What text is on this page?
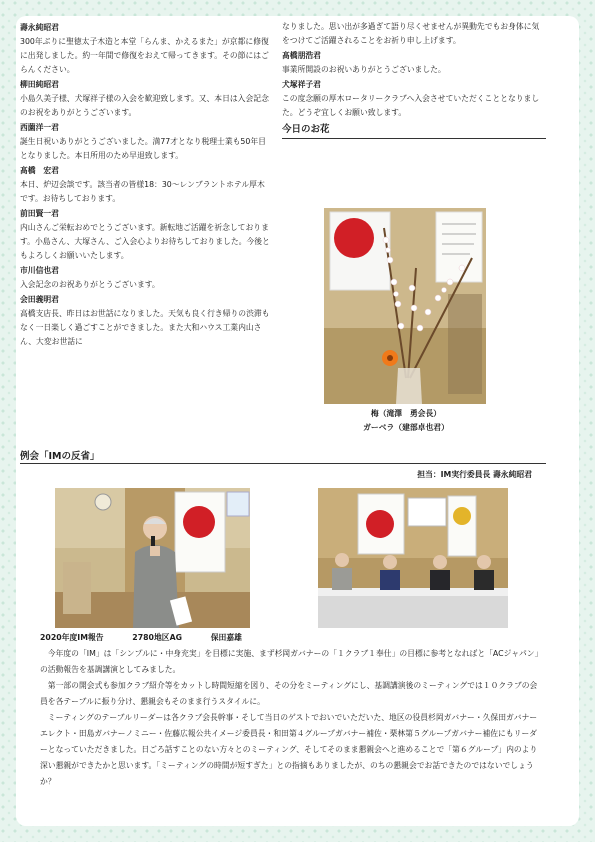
壽永純昭君
300年ぶりに聖徳太子木造と本堂「らんま、かえるまた」が京都に修復に出発しました。約一年間で修復をおえて帰ってきます。その節にはごらんください。
柳田純昭君
小島久美子様、犬塚祥子様の入会を歓迎致します。又、本日は入会記念のお祝をありがとうございます。
西薗洋一君
誕生日祝いありがとうございました。満77才となり税理士業も50年目となりました。本日所用のため早退致します。
髙橋　宏君
本日、炉辺会談です。該当者の皆様18：30〜レンブラントホテル厚木です。お待ちしております。
前田賢一君
内山さんご栄転おめでとうございます。新転地ご活躍を祈念しております。小島さん、大塚さん、ご入会心よりお待ちしておりました。今後ともよろしくお願いいたします。
市川信也君
入会記念のお祝ありがとうございます。
会田義明君
高橋支店長、昨日はお世話になりました。天気も良く行き帰りの渋滞もなく一日楽しく過ごすことができました。また大和ハウス工業内山さん、大変お世話に
なりました。思い出が多過ぎて語り尽くせませんが異動先でもお身体に気をつけてご活躍されることをお祈り申し上げます。
髙橋朋浩君
事業所開設のお祝いありがとうございました。
犬塚祥子君
この度念願の厚木ロータリークラブへ入会させていただくこととなりました。どうぞ宜しくお願い致します。
今日のお花
梅（滝澤　勇会長）
ガーベラ（建部卓也君）
例会「IMの反省」
担当：IM実行委員長 壽永純昭君
2020年度IM報告	2780地区AG	保田嘉雄

今年度の「IM」は「シンプルに・中身充実」を目標に実施、まず杉岡ガバナーの「１クラブ１奉仕」の目標に参考となればと「ACジャパン」の活動報告を基調講演としてみました。

第一部の開会式も参加クラブ紹介等をカットし時間短縮を図り、その分をミーティングにし、基調講演後のミーティングでは１０クラブの会員を各テーブルに振り分け、懇親会もそのまま行うスタイルに。

ミーティングのテーブルリーダーは各クラブ会長幹事・そして当日のゲストでおいでいただいた、地区の役員杉岡ガバナー・久保田ガバナーエレクト・田島ガバナーノミニー・佐藤広報公共イメージ委員長・和田第４グループガバナー補佐・栗林第５グループガバナー補佐にもリーダーとなっていただきました。日ごろ話すことのない方々とのミーティング、そしてそのまま懇親会へと進めることで「第６グループ」内のより深い懇親ができたかと思います。「ミーティングの時間が短すぎた」との指摘もありましたが、のちの懇親会でお話できたのではないでしょうか？
